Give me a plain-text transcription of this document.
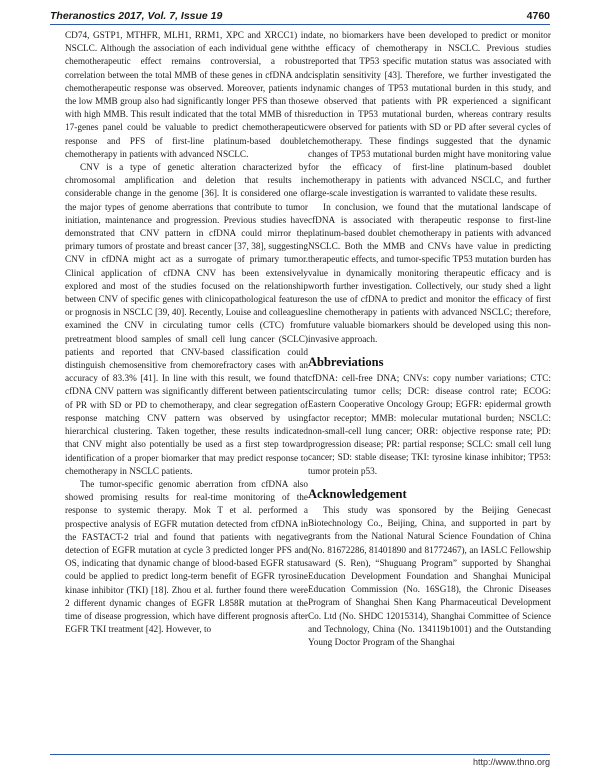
Theranostics 2017, Vol. 7, Issue 19	4760

CD74, GSTP1, MTHFR, MLH1, RRM1, XPC and XRCC1) in NSCLC. Although the association of each individual gene with chemotherapeutic effect remains controversial, a robust correlation between the total MMB of these genes in cfDNA and chemotherapeutic response was observed. Moreover, patients in the low MMB group also had significantly longer PFS than those with high MMB. This result indicated that the total MMB of this 17-genes panel could be valuable to predict chemotherapeutic response and PFS of first-line platinum-based doublet chemotherapy in patients with advanced NSCLC.

CNV is a type of genetic alteration characterized by chromosomal amplification and deletion that results in considerable change in the genome [36]. It is considered one of the major types of genome aberrations that contribute to tumor initiation, maintenance and progression. Previous studies have demonstrated that CNV pattern in cfDNA could mirror the primary tumors of prostate and breast cancer [37, 38], suggesting CNV in cfDNA might act as a surrogate of primary tumor. Clinical application of cfDNA CNV has been extensively explored and most of the studies focused on the relationship between CNV of specific genes with clinicopathological features or prognosis in NSCLC [39, 40]. Recently, Louise and colleagues examined the CNV in circulating tumor cells (CTC) from pretreatment blood samples of small cell lung cancer (SCLC) patients and reported that CNV-based classification could distinguish chemosensitive from chemorefractory cases with an accuracy of 83.3% [41]. In line with this result, we found that cfDNA CNV pattern was significantly different between patients of PR with SD or PD to chemotherapy, and clear segregation of response matching CNV pattern was observed by using hierarchical clustering. Taken together, these results indicated that CNV might also potentially be used as a first step toward identification of a proper biomarker that may predict response to chemotherapy in NSCLC patients.

The tumor-specific genomic aberration from cfDNA also showed promising results for real-time monitoring of the response to systemic therapy. Mok T et al. performed a prospective analysis of EGFR mutation detected from cfDNA in the FASTACT-2 trial and found that patients with negative detection of EGFR mutation at cycle 3 predicted longer PFS and OS, indicating that dynamic change of blood-based EGFR status could be applied to predict long-term benefit of EGFR tyrosine kinase inhibitor (TKI) [18]. Zhou et al. further found there were 2 different dynamic changes of EGFR L858R mutation at the time of disease progression, which have different prognosis after EGFR TKI treatment [42]. However, to

date, no biomarkers have been developed to predict or monitor the efficacy of chemotherapy in NSCLC. Previous studies reported that TP53 specific mutation status was associated with cisplatin sensitivity [43]. Therefore, we further investigated the dynamic changes of TP53 mutational burden in this study, and we observed that patients with PR experienced a significant reduction in TP53 mutational burden, whereas contrary results were observed for patients with SD or PD after several cycles of chemotherapy. These findings suggested that the dynamic changes of TP53 mutational burden might have monitoring value for the efficacy of first-line platinum-based doublet chemotherapy in patients with advanced NSCLC, and further large-scale investigation is warranted to validate these results.

In conclusion, we found that the mutational landscape of cfDNA is associated with therapeutic response to first-line platinum-based doublet chemotherapy in patients with advanced NSCLC. Both the MMB and CNVs have value in predicting therapeutic effects, and tumor-specific TP53 mutation burden has value in dynamically monitoring therapeutic efficacy and is worth further investigation. Collectively, our study shed a light on the use of cfDNA to predict and monitor the efficacy of first line chemotherapy in patients with advanced NSCLC; therefore, future valuable biomarkers should be developed using this non-invasive approach.

Abbreviations

cfDNA: cell-free DNA; CNVs: copy number variations; CTC: circulating tumor cells; DCR: disease control rate; ECOG: Eastern Cooperative Oncology Group; EGFR: epidermal growth factor receptor; MMB: molecular mutational burden; NSCLC: non-small-cell lung cancer; ORR: objective response rate; PD: progression disease; PR: partial response; SCLC: small cell lung cancer; SD: stable disease; TKI: tyrosine kinase inhibitor; TP53: tumor protein p53.

Acknowledgement

This study was sponsored by the Beijing Genecast Biotechnology Co., Beijing, China, and supported in part by grants from the National Natural Science Foundation of China (No. 81672286, 81401890 and 81772467), an IASLC Fellowship award (S. Ren), “Shuguang Program” supported by Shanghai Education Development Foundation and Shanghai Municipal Education Commission (No. 16SG18), the Chronic Diseases Program of Shanghai Shen Kang Pharmaceutical Development Co. Ltd (No. SHDC 12015314), Shanghai Committee of Science and Technology, China (No. 134119b1001) and the Outstanding Young Doctor Program of the Shanghai

http://www.thno.org
